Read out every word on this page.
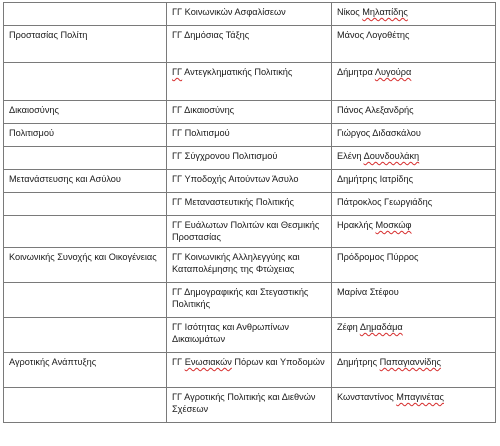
	ΓΓ Κοινωνικών Ασφαλίσεων	Νίκος Μηλαπίδης
Προστασίας Πολίτη	ΓΓ Δημόσιας Τάξης	Μάνος Λογοθέτης
	ΓΓ Αντεγκληματικής Πολιτικής	Δήμητρα Λυγούρα
Δικαιοσύνης	ΓΓ Δικαιοσύνης	Πάνος Αλεξανδρής
Πολιτισμού	ΓΓ Πολιτισμού	Γιώργος Διδασκάλου
	ΓΓ Σύγχρονου Πολιτισμού	Ελένη Δουνδουλάκη
Μετανάστευσης και Ασύλου	ΓΓ Υποδοχής Αιτούντων Άσυλο	Δημήτρης Ιατρίδης
	ΓΓ Μεταναστευτικής Πολιτικής	Πάτροκλος Γεωργιάδης
	ΓΓ Ευάλωτων Πολιτών και Θεσμικής Προστασίας	Ηρακλής Μοσκώφ
Κοινωνικής Συνοχής και Οικογένειας	ΓΓ Κοινωνικής Αλληλεγγύης και Καταπολέμησης της Φτώχειας	Πρόδρομος Πύρρος
	ΓΓ Δημογραφικής και Στεγαστικής Πολιτικής	Μαρίνα Στέφου
	ΓΓ Ισότητας και Ανθρωπίνων Δικαιωμάτων	Ζέφη Δημαδάμα
Αγροτικής Ανάπτυξης	ΓΓ Ενωσιακών Πόρων και Υποδομών	Δημήτρης Παπαγιαννίδης
	ΓΓ Αγροτικής Πολιτικής και Διεθνών Σχέσεων	Κωνσταντίνος Μπαγινέτας
